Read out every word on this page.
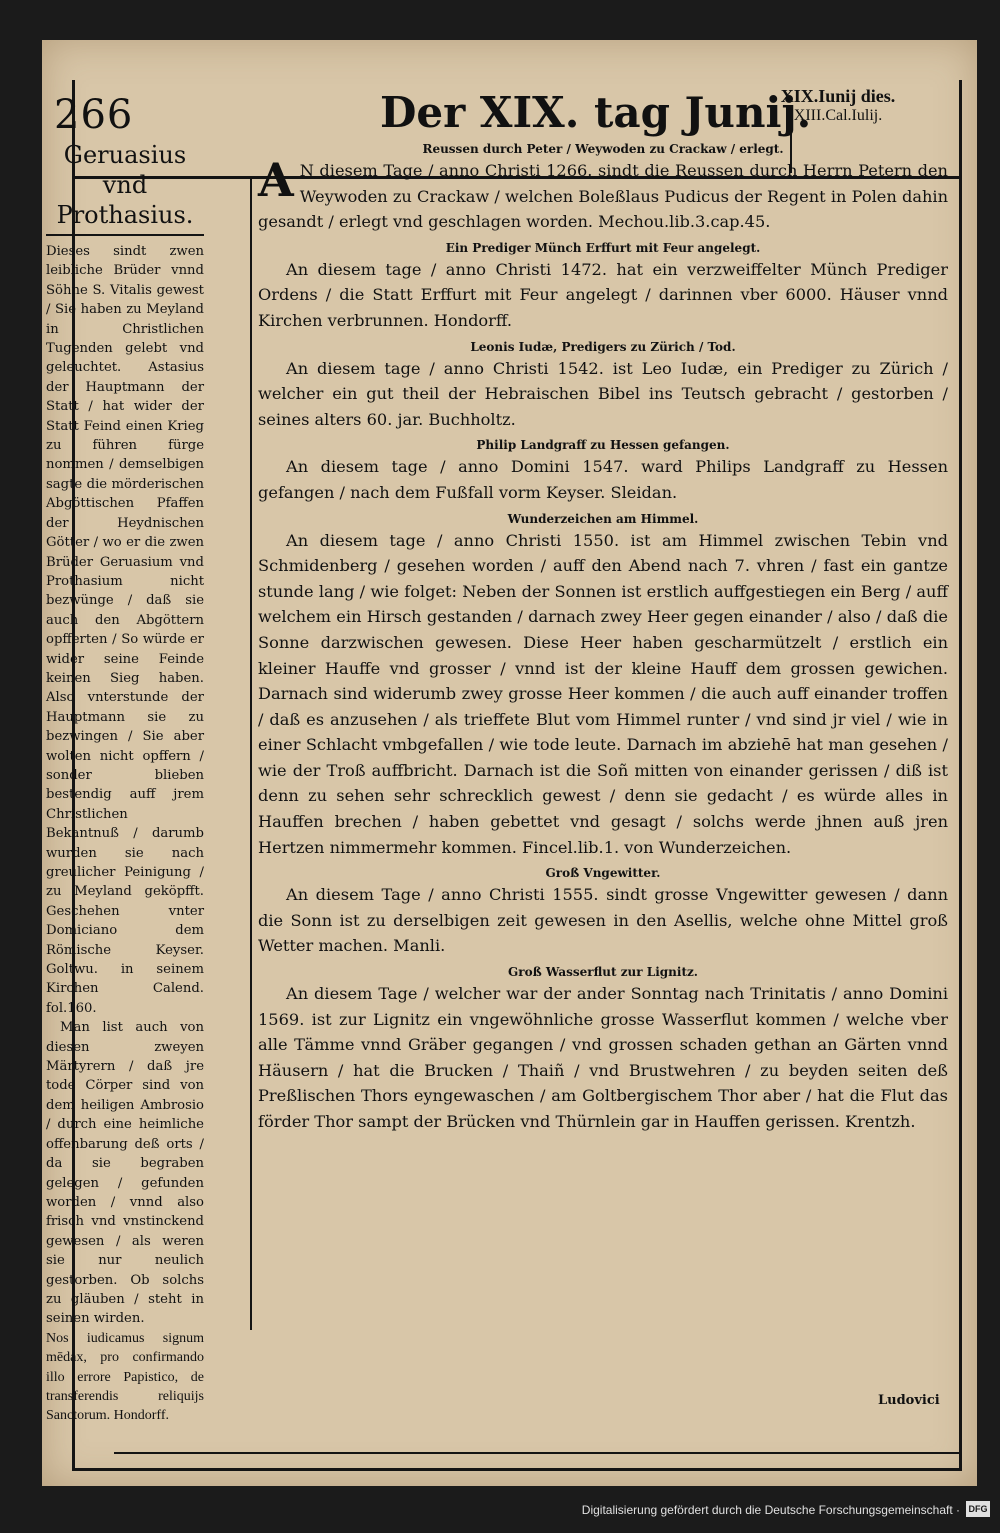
266	Der XIX. tag Junij.
XIX.Iunij dies.
XIII.Cal.Iulij.
Geruasius vnd Prothasius.

Dieses sindt zwen leibliche Brüder vnnd Söhne S. Vitalis gewest / Sie haben zu Meyland in Christlichen Tugenden gelebt vnd geleuchtet. Astasius der Hauptmann der Statt / hat wider der Statt Feind einen Krieg zu führen fürge nommen / demselbigen sagte die mörderischen Abgöttischen Pfaffen der Heydnischen Götter / wo er die zwen Brüder Geruasium vnd Prothasium nicht bezwünge / daß sie auch den Abgöttern opfferten / So würde er wider seine Feinde keinen Sieg haben. Also vnterstunde der Hauptmann sie zu bezwingen / Sie aber wolten nicht opffern / sonder blieben bestendig auff jrem Christlichen Bekantnuß / darumb wurden sie nach greulicher Peinigung / zu Meyland geköpfft. Geschehen vnter Domiciano dem Römische Keyser. Goltwu. in seinem Kirchen Calend. fol.160.

Man list auch von diesen zweyen Märtyrern / daß jre tode Cörper sind von dem heiligen Ambrosio / durch eine heimliche offenbarung deß orts / da sie begraben gelegen / gefunden worden / vnnd also frisch vnd vnstinckend gewesen / als weren sie nur neulich gestorben. Ob solchs zu gläuben / steht in seinen wirden.

Nos iudicamus signum mēdax, pro confirmando illo errore Papistico, de transferendis reliquijs Sanctorum. Hondorff.

Reussen durch Peter / Weywoden zu Crackaw / erlegt.

A N diesem Tage / anno Christi 1266. sindt die Reussen durch Herrn Petern den Weywoden zu Crackaw / welchen Boleßlaus Pudicus der Regent in Polen dahin gesandt / erlegt vnd geschlagen worden. Mechou.lib.3.cap.45.

Ein Prediger Münch Erffurt mit Feur angelegt.

An diesem tage / anno Christi 1472. hat ein verzweiffelter Münch Prediger Ordens / die Statt Erffurt mit Feur angelegt / darinnen vber 6000. Häuser vnnd Kirchen verbrunnen. Hondorff.

Leonis Iudæ, Predigers zu Zürich / Tod.

An diesem tage / anno Christi 1542. ist Leo Iudæ, ein Prediger zu Zürich / welcher ein gut theil der Hebraischen Bibel ins Teutsch gebracht / gestorben / seines alters 60. jar. Buchholtz.

Philip Landgraff zu Hessen gefangen.

An diesem tage / anno Domini 1547. ward Philips Landgraff zu Hessen gefangen / nach dem Fußfall vorm Keyser. Sleidan.

Wunderzeichen am Himmel.

An diesem tage / anno Christi 1550. ist am Himmel zwischen Tebin vnd Schmidenberg / gesehen worden / auff den Abend nach 7. vhren / fast ein gantze stunde lang / wie folget: Neben der Sonnen ist erstlich auffgestiegen ein Berg / auff welchem ein Hirsch gestanden / darnach zwey Heer gegen einander / also / daß die Sonne darzwischen gewesen. Diese Heer haben gescharmützelt / erstlich ein kleiner Hauffe vnd grosser / vnnd ist der kleine Hauff dem grossen gewichen. Darnach sind widerumb zwey grosse Heer kommen / die auch auff einander troffen / daß es anzusehen / als trieffete Blut vom Himmel runter / vnd sind jr viel / wie in einer Schlacht vmbgefallen / wie tode leute. Darnach im abziehē hat man gesehen / wie der Troß auffbricht. Darnach ist die Soñ mitten von einander gerissen / diß ist denn zu sehen sehr schrecklich gewest / denn sie gedacht / es würde alles in Hauffen brechen / haben gebettet vnd gesagt / solchs werde jhnen auß jren Hertzen nimmermehr kommen. Fincel.lib.1. von Wunderzeichen.

Groß Vngewitter.

An diesem Tage / anno Christi 1555. sindt grosse Vngewitter gewesen / dann die Sonn ist zu derselbigen zeit gewesen in den Asellis, welche ohne Mittel groß Wetter machen. Manli.

Groß Wasserflut zur Lignitz.

An diesem Tage / welcher war der ander Sonntag nach Trinitatis / anno Domini 1569. ist zur Lignitz ein vngewöhnliche grosse Wasserflut kommen / welche vber alle Tämme vnnd Gräber gegangen / vnd grossen schaden gethan an Gärten vnnd Häusern / hat die Brucken / Thaiñ / vnd Brustwehren / zu beyden seiten deß Preßlischen Thors eyngewaschen / am Goltbergischem Thor aber / hat die Flut das förder Thor sampt der Brücken vnd Thürnlein gar in Hauffen gerissen. Krentzh.

Ludovici
Digitalisierung gefördert durch die Deutsche Forschungsgemeinschaft · DFG
